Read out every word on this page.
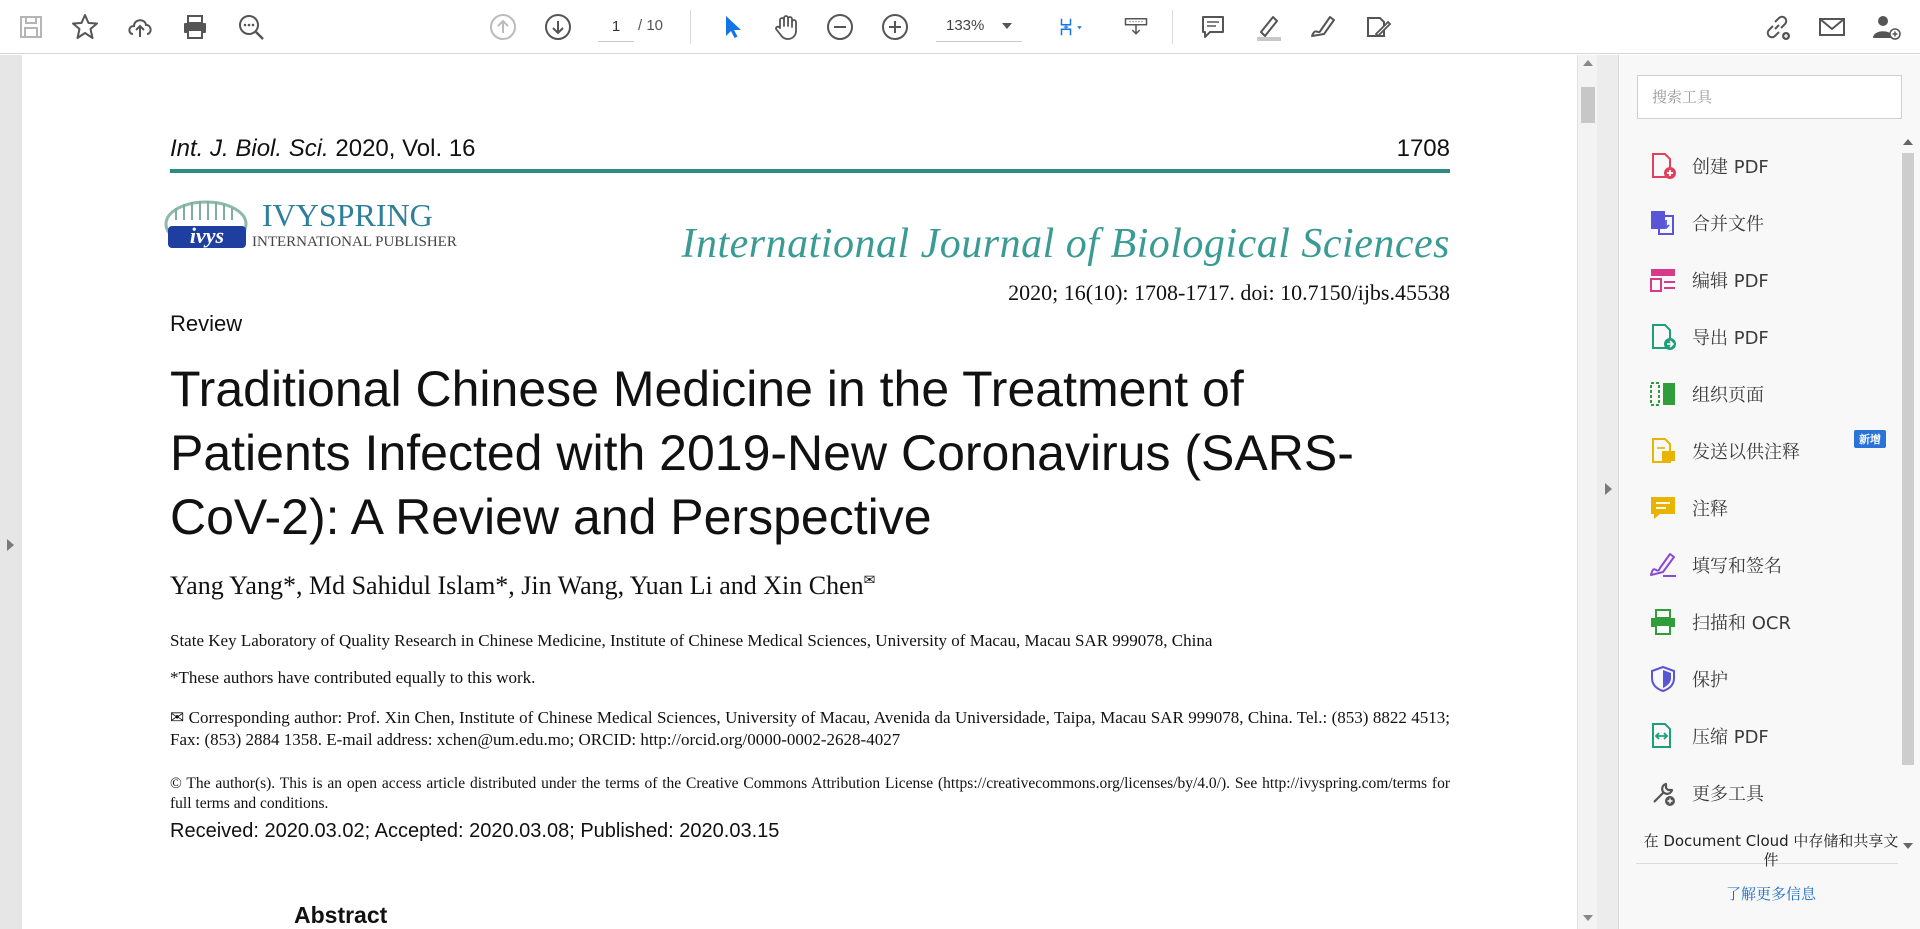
1
/ 10	133%
Int. J. Biol. Sci. 2020, Vol. 16	1708
ivys
IVYSPRING
INTERNATIONAL PUBLISHER	International Journal of Biological Sciences
2020; 16(10): 1708-1717. doi: 10.7150/ijbs.45538
Review
Traditional Chinese Medicine in the Treatment of Patients Infected with 2019-New Coronavirus (SARS-CoV-2): A Review and Perspective
Yang Yang*, Md Sahidul Islam*, Jin Wang, Yuan Li and Xin Chen✉
State Key Laboratory of Quality Research in Chinese Medicine, Institute of Chinese Medical Sciences, University of Macau, Macau SAR 999078, China
*These authors have contributed equally to this work.
✉ Corresponding author: Prof. Xin Chen, Institute of Chinese Medical Sciences, University of Macau, Avenida da Universidade, Taipa, Macau SAR 999078, China. Tel.: (853) 8822 4513; Fax: (853) 2884 1358. E-mail address: xchen@um.edu.mo; ORCID: http://orcid.org/0000-0002-2628-4027
© The author(s). This is an open access article distributed under the terms of the Creative Commons Attribution License (https://creativecommons.org/licenses/by/4.0/). See http://ivyspring.com/terms for full terms and conditions.
Received: 2020.03.02; Accepted: 2020.03.08; Published: 2020.03.15
Abstract
搜索工具
创建 PDF
合并文件
编辑 PDF
导出 PDF
组织页面
发送以供注释
新增
注释
填写和签名
扫描和 OCR
保护
压缩 PDF
更多工具
在 Document Cloud 中存储和共享文件
了解更多信息
